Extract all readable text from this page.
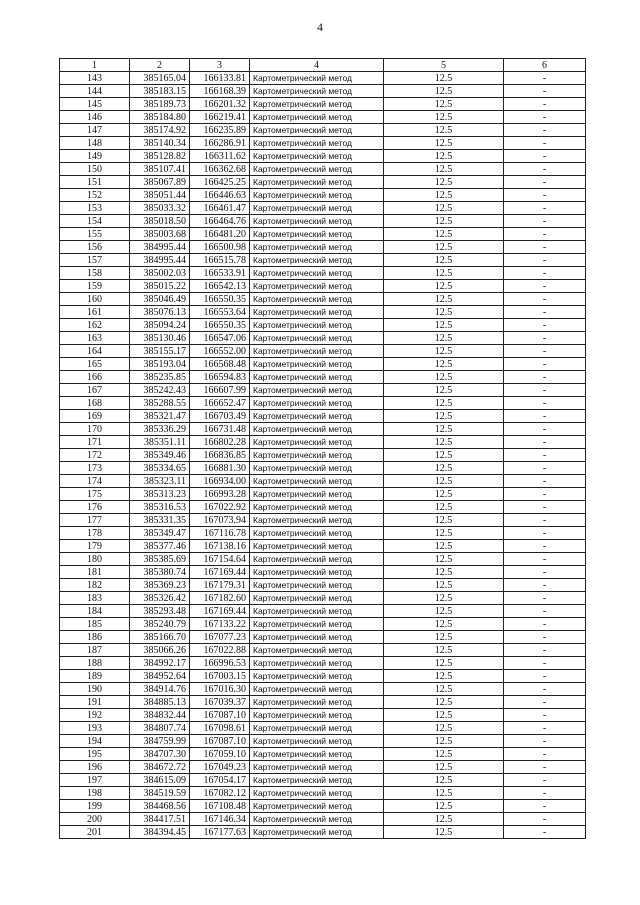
4
1	2	3	4	5	6
143	385165.04	166133.81	Картометрический метод	12.5	-
144	385183.15	166168.39	Картометрический метод	12.5	-
145	385189.73	166201.32	Картометрический метод	12.5	-
146	385184.80	166219.41	Картометрический метод	12.5	-
147	385174.92	166235.89	Картометрический метод	12.5	-
148	385140.34	166286.91	Картометрический метод	12.5	-
149	385128.82	166311.62	Картометрический метод	12.5	-
150	385107.41	166362.68	Картометрический метод	12.5	-
151	385067.89	166425.25	Картометрический метод	12.5	-
152	385051.44	166446.63	Картометрический метод	12.5	-
153	385033.32	166461.47	Картометрический метод	12.5	-
154	385018.50	166464.76	Картометрический метод	12.5	-
155	385003.68	166481.20	Картометрический метод	12.5	-
156	384995.44	166500.98	Картометрический метод	12.5	-
157	384995.44	166515.78	Картометрический метод	12.5	-
158	385002.03	166533.91	Картометрический метод	12.5	-
159	385015.22	166542.13	Картометрический метод	12.5	-
160	385046.49	166550.35	Картометрический метод	12.5	-
161	385076.13	166553.64	Картометрический метод	12.5	-
162	385094.24	166550.35	Картометрический метод	12.5	-
163	385130.46	166547.06	Картометрический метод	12.5	-
164	385155.17	166552.00	Картометрический метод	12.5	-
165	385193.04	166568.48	Картометрический метод	12.5	-
166	385235.85	166594.83	Картометрический метод	12.5	-
167	385242.43	166607.99	Картометрический метод	12.5	-
168	385288.55	166652.47	Картометрический метод	12.5	-
169	385321.47	166703.49	Картометрический метод	12.5	-
170	385336.29	166731.48	Картометрический метод	12.5	-
171	385351.11	166802.28	Картометрический метод	12.5	-
172	385349.46	166836.85	Картометрический метод	12.5	-
173	385334.65	166881.30	Картометрический метод	12.5	-
174	385323.11	166934.00	Картометрический метод	12.5	-
175	385313.23	166993.28	Картометрический метод	12.5	-
176	385316.53	167022.92	Картометрический метод	12.5	-
177	385331.35	167073.94	Картометрический метод	12.5	-
178	385349.47	167116.78	Картометрический метод	12.5	-
179	385377.46	167138.16	Картометрический метод	12.5	-
180	385385.69	167154.64	Картометрический метод	12.5	-
181	385380.74	167169.44	Картометрический метод	12.5	-
182	385369.23	167179.31	Картометрический метод	12.5	-
183	385326.42	167182.60	Картометрический метод	12.5	-
184	385293.48	167169.44	Картометрический метод	12.5	-
185	385240.79	167133.22	Картометрический метод	12.5	-
186	385166.70	167077.23	Картометрический метод	12.5	-
187	385066.26	167022.88	Картометрический метод	12.5	-
188	384992.17	166996.53	Картометрический метод	12.5	-
189	384952.64	167003.15	Картометрический метод	12.5	-
190	384914.76	167016.30	Картометрический метод	12.5	-
191	384885.13	167039.37	Картометрический метод	12.5	-
192	384832.44	167087.10	Картометрический метод	12.5	-
193	384807.74	167098.61	Картометрический метод	12.5	-
194	384759.99	167087.10	Картометрический метод	12.5	-
195	384707.30	167059.10	Картометрический метод	12.5	-
196	384672.72	167049.23	Картометрический метод	12.5	-
197	384615.09	167054.17	Картометрический метод	12.5	-
198	384519.59	167082.12	Картометрический метод	12.5	-
199	384468.56	167108.48	Картометрический метод	12.5	-
200	384417.51	167146.34	Картометрический метод	12.5	-
201	384394.45	167177.63	Картометрический метод	12.5	-
